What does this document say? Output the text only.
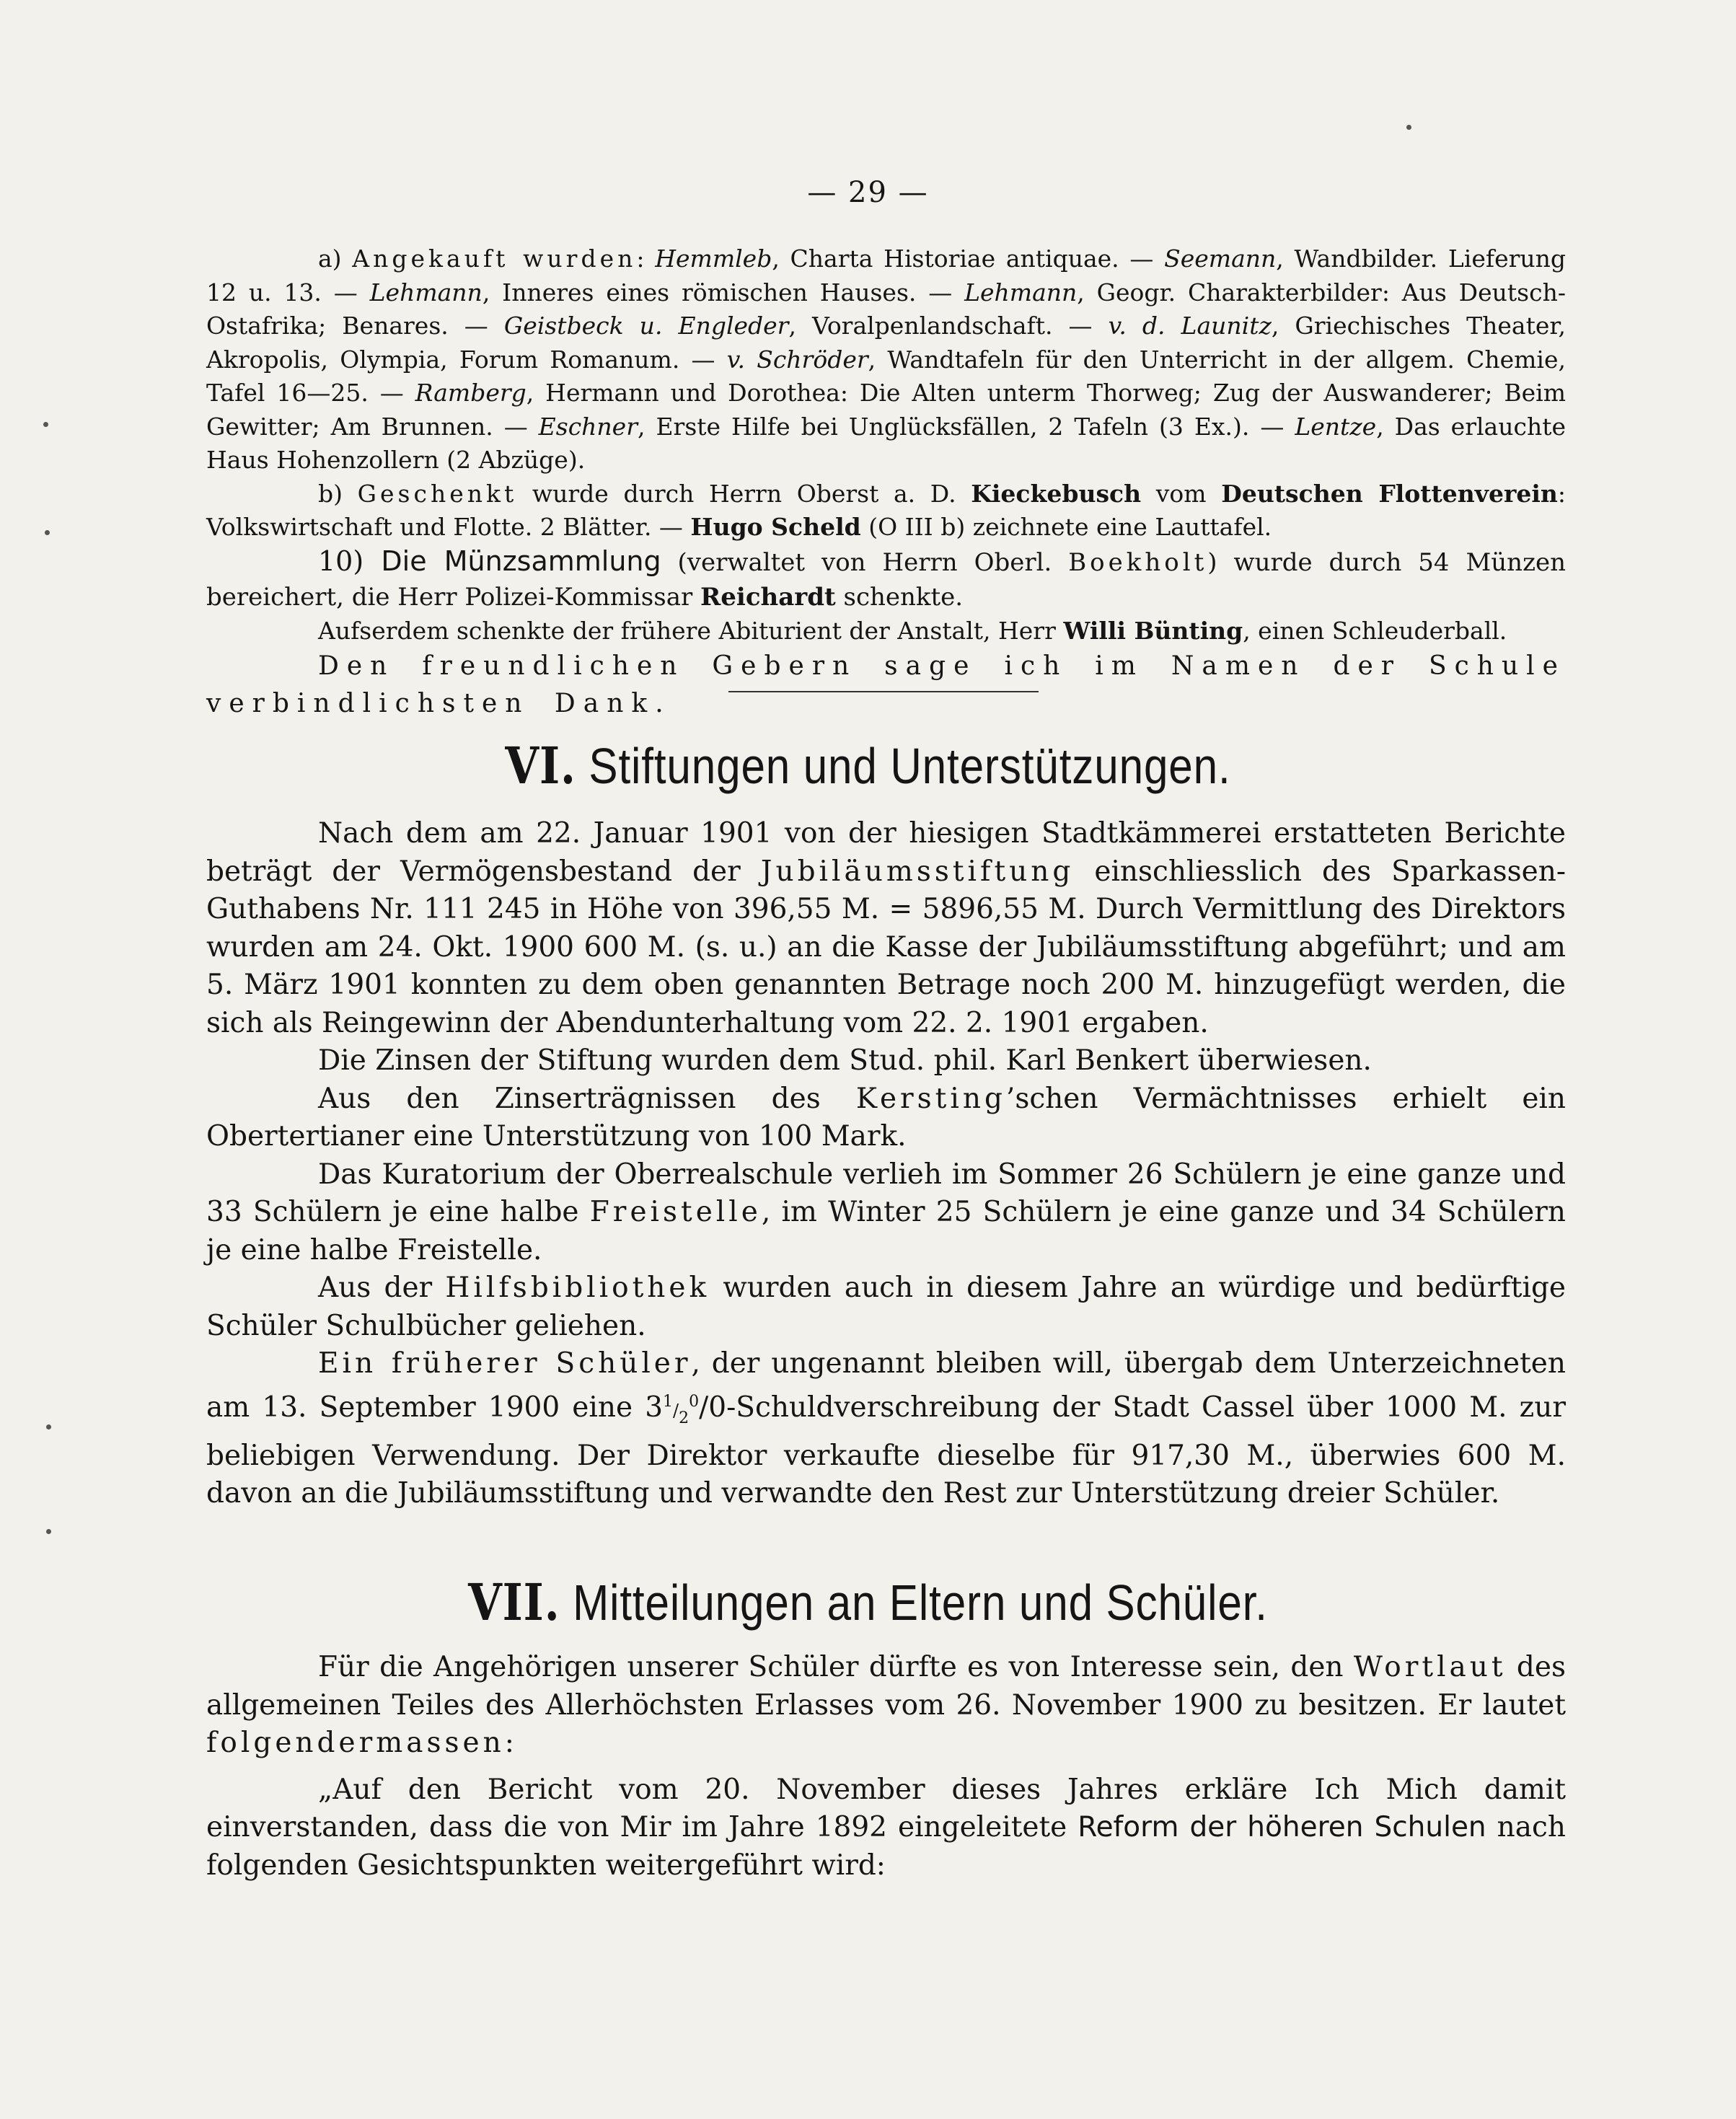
— 29 —

a) Angekauft wurden: Hemmleb, Charta Historiae antiquae. — Seemann, Wandbilder. Lieferung 12 u. 13. — Lehmann, Inneres eines römischen Hauses. — Lehmann, Geogr. Charakterbilder: Aus Deutsch-Ostafrika; Benares. — Geistbeck u. Engleder, Voralpenlandschaft. — v. d. Launitz, Griechisches Theater, Akropolis, Olympia, Forum Romanum. — v. Schröder, Wandtafeln für den Unterricht in der allgem. Chemie, Tafel 16—25. — Ramberg, Hermann und Dorothea: Die Alten unterm Thorweg; Zug der Auswanderer; Beim Gewitter; Am Brunnen. — Eschner, Erste Hilfe bei Unglücksfällen, 2 Tafeln (3 Ex.). — Lentze, Das erlauchte Haus Hohenzollern (2 Abzüge).

b) Geschenkt wurde durch Herrn Oberst a. D. Kieckebusch vom Deutschen Flottenverein: Volkswirtschaft und Flotte. 2 Blätter. — Hugo Scheld (O III b) zeichnete eine Lauttafel.

10) Die Münzsammlung (verwaltet von Herrn Oberl. Boekholt) wurde durch 54 Münzen bereichert, die Herr Polizei-Kommissar Reichardt schenkte.

Aufserdem schenkte der frühere Abiturient der Anstalt, Herr Willi Bünting, einen Schleuderball.

Den freundlichen Gebern sage ich im Namen der Schule verbindlichsten Dank.

VI. Stiftungen und Unterstützungen.

Nach dem am 22. Januar 1901 von der hiesigen Stadtkämmerei erstatteten Berichte beträgt der Vermögensbestand der Jubiläumsstiftung einschliesslich des Sparkassen-Guthabens Nr. 111 245 in Höhe von 396,55 M. = 5896,55 M. Durch Vermittlung des Direktors wurden am 24. Okt. 1900 600 M. (s. u.) an die Kasse der Jubiläumsstiftung abgeführt; und am 5. März 1901 konnten zu dem oben genannten Betrage noch 200 M. hinzugefügt werden, die sich als Reingewinn der Abendunterhaltung vom 22. 2. 1901 ergaben.

Die Zinsen der Stiftung wurden dem Stud. phil. Karl Benkert überwiesen.

Aus den Zinserträgnissen des Kersting’schen Vermächtnisses erhielt ein Obertertianer eine Unterstützung von 100 Mark.

Das Kuratorium der Oberrealschule verlieh im Sommer 26 Schülern je eine ganze und 33 Schülern je eine halbe Freistelle, im Winter 25 Schülern je eine ganze und 34 Schülern je eine halbe Freistelle.

Aus der Hilfsbibliothek wurden auch in diesem Jahre an würdige und bedürftige Schüler Schulbücher geliehen.

Ein früherer Schüler, der ungenannt bleiben will, übergab dem Unterzeichneten am 13. September 1900 eine $3^1/_2^0/0$-Schuldverschreibung der Stadt Cassel über 1000 M. zur beliebigen Verwendung. Der Direktor verkaufte dieselbe für 917,30 M., überwies 600 M. davon an die Jubiläumsstiftung und verwandte den Rest zur Unterstützung dreier Schüler.

VII. Mitteilungen an Eltern und Schüler.

Für die Angehörigen unserer Schüler dürfte es von Interesse sein, den Wortlaut des allgemeinen Teiles des Allerhöchsten Erlasses vom 26. November 1900 zu besitzen. Er lautet folgendermassen:

„Auf den Bericht vom 20. November dieses Jahres erkläre Ich Mich damit einverstanden, dass die von Mir im Jahre 1892 eingeleitete Reform der höheren Schulen nach folgenden Gesichtspunkten weitergeführt wird:
